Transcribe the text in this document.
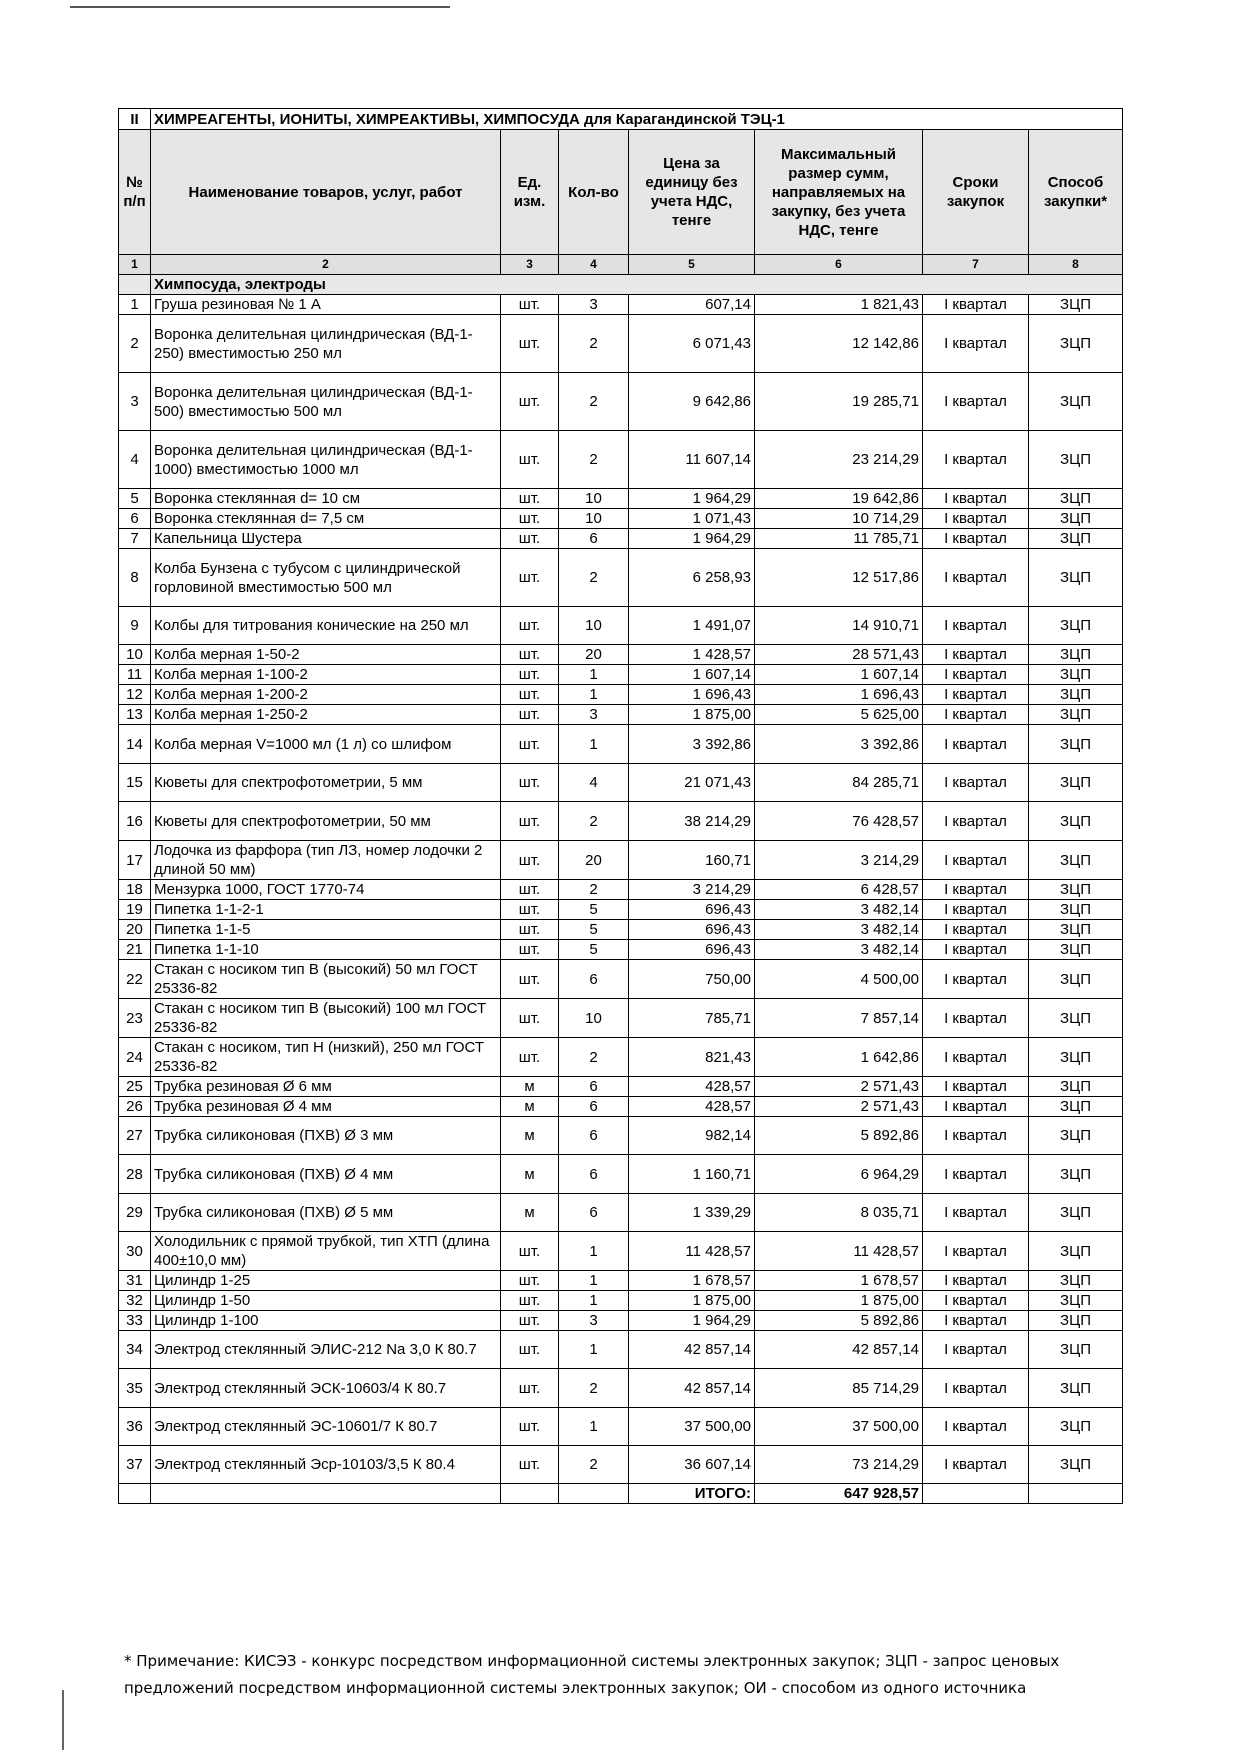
II	ХИМРЕАГЕНТЫ, ИОНИТЫ, ХИМРЕАКТИВЫ, ХИМПОСУДА для Карагандинской ТЭЦ-1						
№ п/п	Наименование товаров, услуг, работ	Ед. изм.	Кол-во	Цена за единицу без учета НДС, тенге	Максимальный размер сумм, направляемых на закупку, без учета НДС, тенге	Сроки закупок	Способ закупки*
1	2	3	4	5	6	7	8
	Химпосуда, электроды						
1	Груша резиновая № 1 А	шт.	3	607,14	1 821,43	I квартал	ЗЦП
2	Воронка делительная цилиндрическая (ВД-1-250) вместимостью 250 мл	шт.	2	6 071,43	12 142,86	I квартал	ЗЦП
3	Воронка делительная цилиндрическая (ВД-1-500) вместимостью 500 мл	шт.	2	9 642,86	19 285,71	I квартал	ЗЦП
4	Воронка делительная цилиндрическая (ВД-1-1000) вместимостью 1000 мл	шт.	2	11 607,14	23 214,29	I квартал	ЗЦП
5	Воронка стеклянная d= 10 см	шт.	10	1 964,29	19 642,86	I квартал	ЗЦП
6	Воронка стеклянная d= 7,5 см	шт.	10	1 071,43	10 714,29	I квартал	ЗЦП
7	Капельница Шустера	шт.	6	1 964,29	11 785,71	I квартал	ЗЦП
8	Колба Бунзена с тубусом с цилиндрической горловиной вместимостью 500 мл	шт.	2	6 258,93	12 517,86	I квартал	ЗЦП
9	Колбы для титрования конические на 250 мл	шт.	10	1 491,07	14 910,71	I квартал	ЗЦП
10	Колба мерная 1-50-2	шт.	20	1 428,57	28 571,43	I квартал	ЗЦП
11	Колба мерная 1-100-2	шт.	1	1 607,14	1 607,14	I квартал	ЗЦП
12	Колба мерная 1-200-2	шт.	1	1 696,43	1 696,43	I квартал	ЗЦП
13	Колба мерная 1-250-2	шт.	3	1 875,00	5 625,00	I квартал	ЗЦП
14	Колба мерная V=1000 мл (1 л) со шлифом	шт.	1	3 392,86	3 392,86	I квартал	ЗЦП
15	Кюветы для спектрофотометрии, 5 мм	шт.	4	21 071,43	84 285,71	I квартал	ЗЦП
16	Кюветы для спектрофотометрии, 50 мм	шт.	2	38 214,29	76 428,57	I квартал	ЗЦП
17	Лодочка из фарфора (тип ЛЗ, номер лодочки 2 длиной 50 мм)	шт.	20	160,71	3 214,29	I квартал	ЗЦП
18	Мензурка 1000, ГОСТ 1770-74	шт.	2	3 214,29	6 428,57	I квартал	ЗЦП
19	Пипетка 1-1-2-1	шт.	5	696,43	3 482,14	I квартал	ЗЦП
20	Пипетка 1-1-5	шт.	5	696,43	3 482,14	I квартал	ЗЦП
21	Пипетка 1-1-10	шт.	5	696,43	3 482,14	I квартал	ЗЦП
22	Стакан с носиком тип В (высокий) 50 мл ГОСТ 25336-82	шт.	6	750,00	4 500,00	I квартал	ЗЦП
23	Стакан с носиком тип В (высокий) 100 мл ГОСТ 25336-82	шт.	10	785,71	7 857,14	I квартал	ЗЦП
24	Стакан с носиком, тип Н (низкий), 250 мл ГОСТ 25336-82	шт.	2	821,43	1 642,86	I квартал	ЗЦП
25	Трубка резиновая Ø 6 мм	м	6	428,57	2 571,43	I квартал	ЗЦП
26	Трубка резиновая Ø 4 мм	м	6	428,57	2 571,43	I квартал	ЗЦП
27	Трубка силиконовая (ПХВ) Ø 3 мм	м	6	982,14	5 892,86	I квартал	ЗЦП
28	Трубка силиконовая (ПХВ) Ø 4 мм	м	6	1 160,71	6 964,29	I квартал	ЗЦП
29	Трубка силиконовая (ПХВ) Ø 5 мм	м	6	1 339,29	8 035,71	I квартал	ЗЦП
30	Холодильник с прямой трубкой, тип ХТП (длина 400±10,0 мм)	шт.	1	11 428,57	11 428,57	I квартал	ЗЦП
31	Цилиндр 1-25	шт.	1	1 678,57	1 678,57	I квартал	ЗЦП
32	Цилиндр 1-50	шт.	1	1 875,00	1 875,00	I квартал	ЗЦП
33	Цилиндр 1-100	шт.	3	1 964,29	5 892,86	I квартал	ЗЦП
34	Электрод стеклянный ЭЛИС-212 Na 3,0 К 80.7	шт.	1	42 857,14	42 857,14	I квартал	ЗЦП
35	Электрод стеклянный ЭСК-10603/4 К 80.7	шт.	2	42 857,14	85 714,29	I квартал	ЗЦП
36	Электрод стеклянный ЭС-10601/7 К 80.7	шт.	1	37 500,00	37 500,00	I квартал	ЗЦП
37	Электрод стеклянный Эср-10103/3,5 К 80.4	шт.	2	36 607,14	73 214,29	I квартал	ЗЦП
				ИТОГО:	647 928,57		
* Примечание: КИСЭЗ - конкурс посредством информационной системы электронных закупок; ЗЦП - запрос ценовых предложений посредством информационной системы электронных закупок; ОИ - способом из одного источника
